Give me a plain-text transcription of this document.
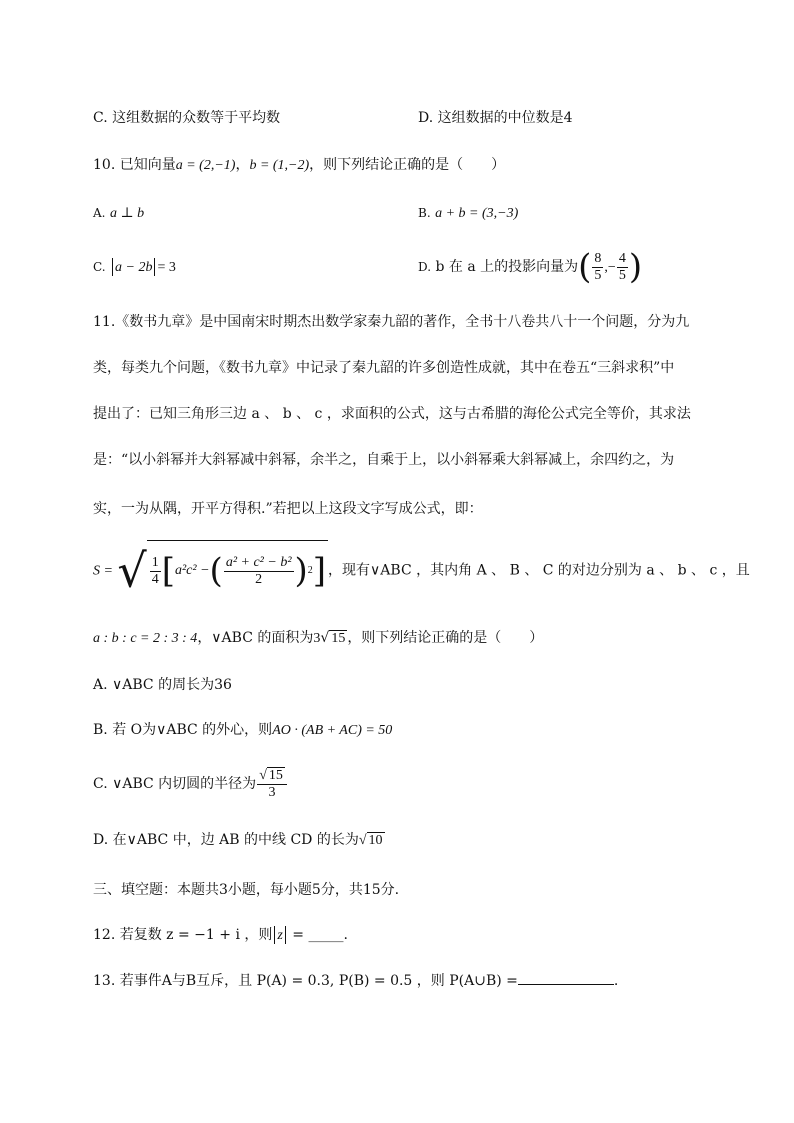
C. 这组数据的众数等于平均数	D. 这组数据的中位数是4
10. 已知向量a = (2,−1)，b = (1,−2)，则下列结论正确的是（　　）
A. a ⊥ b	B. a + b = (3,−3)
C. a − 2b = 3	D. b 在 a 上的投影向量为( $\frac{8}{5}$ ,− $\frac{4}{5}$ )
11.《数书九章》是中国南宋时期杰出数学家秦九韶的著作，全书十八卷共八十一个问题，分为九
类，每类九个问题，《数书九章》中记录了秦九韶的许多创造性成就，其中在卷五“三斜求积”中
提出了：已知三角形三边 a 、 b 、 c ，求面积的公式，这与古希腊的海伦公式完全等价，其求法
是：“以小斜幂并大斜幂减中斜幂，余半之，自乘于上，以小斜幂乘大斜幂减上，余四约之，为
实，一为从隅，开平方得积.”若把以上这段文字写成公式，即：
S = √ $\frac{1}{4}$ [ a²c² − ( $\frac{\text{a² + c² − b²}}{2}$ ) 2 ] ，现有∨ABC ，其内角 A 、 B 、 C 的对边分别为 a 、 b 、 c ，且
a : b : c = 2 : 3 : 4，∨ABC 的面积为3√ 15 ，则下列结论正确的是（　　）
A. ∨ABC 的周长为36
B. 若 O为∨ABC 的外心，则AO · (AB + AC) = 50
C. ∨ABC 内切圆的半径为 $\frac{√ 15}{3}$
D. 在∨ABC 中，边 AB 的中线 CD 的长为√ 10
三、填空题：本题共3小题，每小题5分，共15分.
12. 若复数 z = −1 + i ，则 z = _____.
13. 若事件A与B互斥，且 P(A) = 0.3, P(B) = 0.5 ，则 P(A∪B) =	.
